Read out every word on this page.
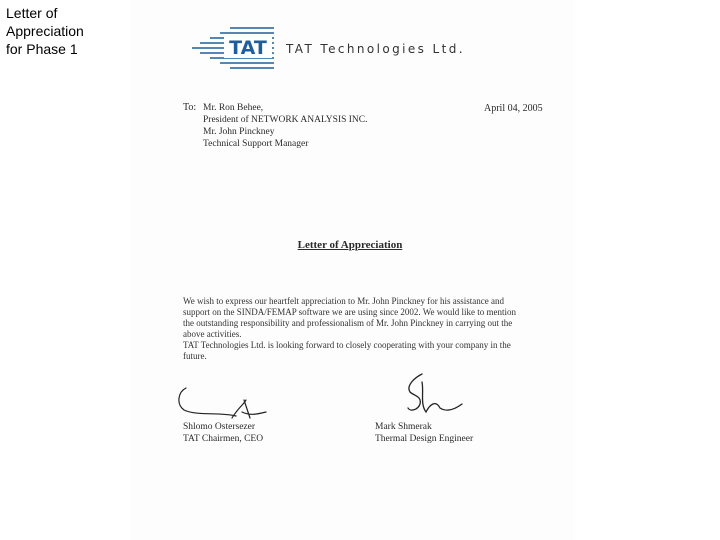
Letter of
Appreciation
for Phase 1	TAT TAT Technologies Ltd.
To: Mr. Ron Behee,
President of NETWORK ANALYSIS INC.
Mr. John Pinckney
Technical Support Manager
April 04, 2005
Letter of Appreciation
We wish to express our heartfelt appreciation to Mr. John Pinckney for his assistance and
support on the SINDA/FEMAP software we are using since 2002. We would like to mention
the outstanding responsibility and professionalism of Mr. John Pinckney in carrying out the
above activities.
TAT Technologies Ltd. is looking forward to closely cooperating with your company in the
future.
Shlomo Ostersezer
TAT Chairmen, CEO
Mark Shmerak
Thermal Design Engineer
